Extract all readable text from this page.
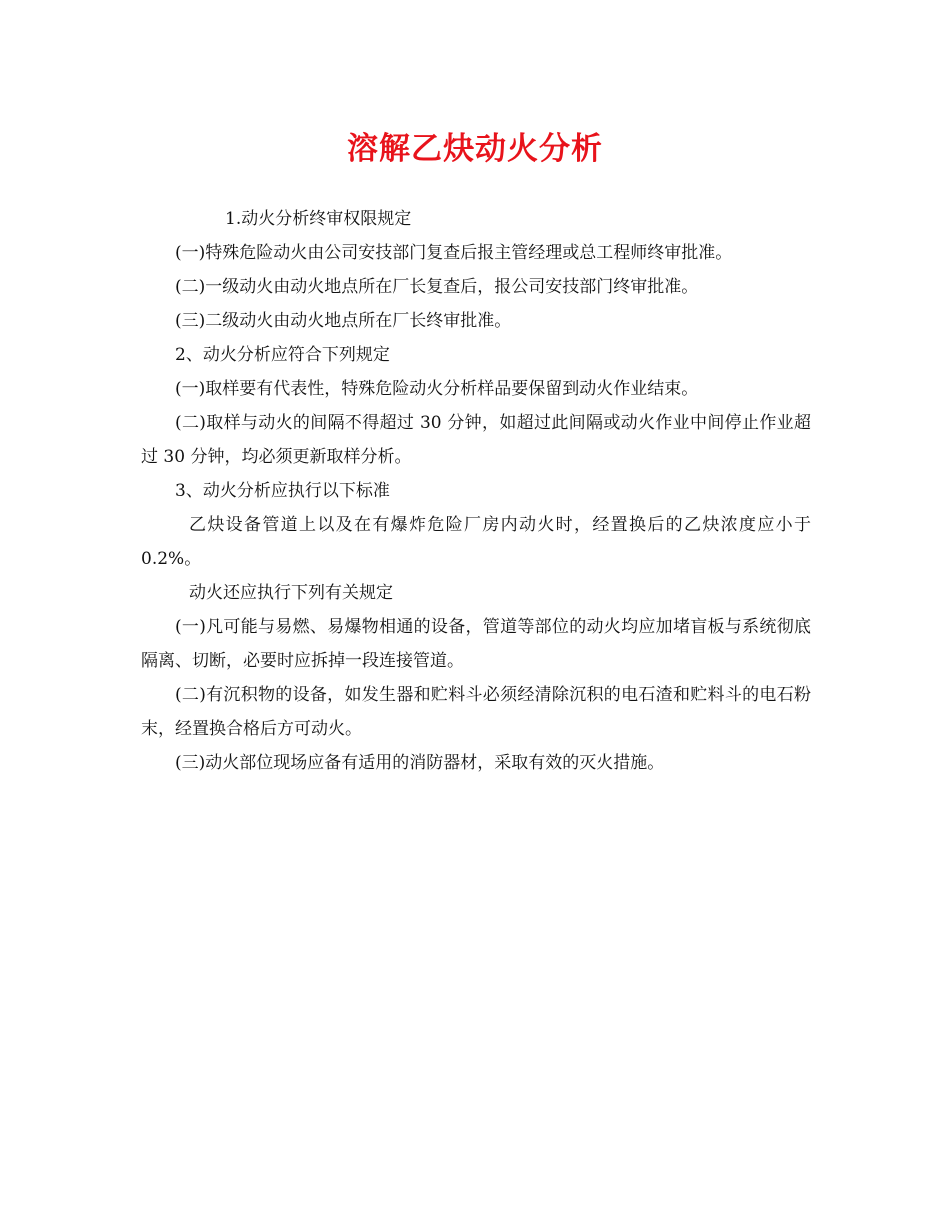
溶解乙炔动火分析

1.动火分析终审权限规定

(一)特殊危险动火由公司安技部门复查后报主管经理或总工程师终审批准。

(二)一级动火由动火地点所在厂长复查后，报公司安技部门终审批准。

(三)二级动火由动火地点所在厂长终审批准。

2、动火分析应符合下列规定

(一)取样要有代表性，特殊危险动火分析样品要保留到动火作业结束。

(二)取样与动火的间隔不得超过 30 分钟，如超过此间隔或动火作业中间停止作业超过 30 分钟，均必须更新取样分析。

3、动火分析应执行以下标准

乙炔设备管道上以及在有爆炸危险厂房内动火时，经置换后的乙炔浓度应小于 0.2%。

动火还应执行下列有关规定

(一)凡可能与易燃、易爆物相通的设备，管道等部位的动火均应加堵盲板与系统彻底隔离、切断，必要时应拆掉一段连接管道。

(二)有沉积物的设备，如发生器和贮料斗必须经清除沉积的电石渣和贮料斗的电石粉末，经置换合格后方可动火。

(三)动火部位现场应备有适用的消防器材，采取有效的灭火措施。
